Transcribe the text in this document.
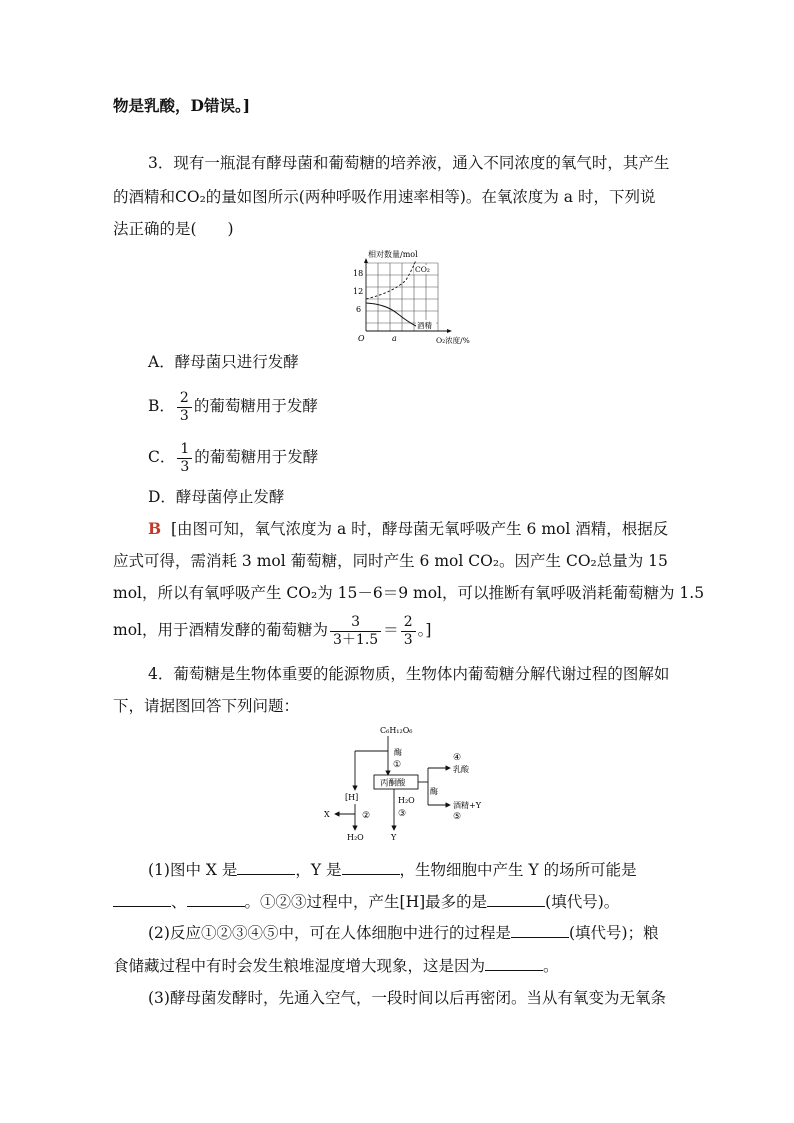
物是乳酸，D错误。]
3．现有一瓶混有酵母菌和葡萄糖的培养液，通入不同浓度的氧气时，其产生
的酒精和CO₂的量如图所示(两种呼吸作用速率相等)。在氧浓度为 a 时，下列说
法正确的是(　　)
相对数量/mol
18
12
6
O	a	O₂浓度/%
CO₂
酒精
A．酵母菌只进行发酵
B． $\frac{2}{3}$ 的葡萄糖用于发酵
C． $\frac{1}{3}$ 的葡萄糖用于发酵
D．酵母菌停止发酵
B [由图可知，氧气浓度为 a 时，酵母菌无氧呼吸产生 6 mol 酒精，根据反
应式可得，需消耗 3 mol 葡萄糖，同时产生 6 mol CO₂。因产生 CO₂总量为 15
mol，所以有氧呼吸产生 CO₂为 15－6＝9 mol，可以推断有氧呼吸消耗葡萄糖为 1.5
mol，用于酒精发酵的葡萄糖为 $\frac{3}{3+1.5} = \frac{2}{3}$ 。]
4．葡萄糖是生物体重要的能源物质，生物体内葡萄糖分解代谢过程的图解如
下，请据图回答下列问题：
C₆H₁₂O₆
酶
①
丙酮酸
酶
④
乳酸
⑤
酒精+Y
[H]
②
H₂O
③
Y
X
H₂O
(1)图中 X 是	，Y 是	，生物细胞中产生 Y 的场所可能是
、	。①②③过程中，产生[H]最多的是	(填代号)。
(2)反应①②③④⑤中，可在人体细胞中进行的过程是	(填代号)；粮
食储藏过程中有时会发生粮堆湿度增大现象，这是因为	。
(3)酵母菌发酵时，先通入空气，一段时间以后再密闭。当从有氧变为无氧条
